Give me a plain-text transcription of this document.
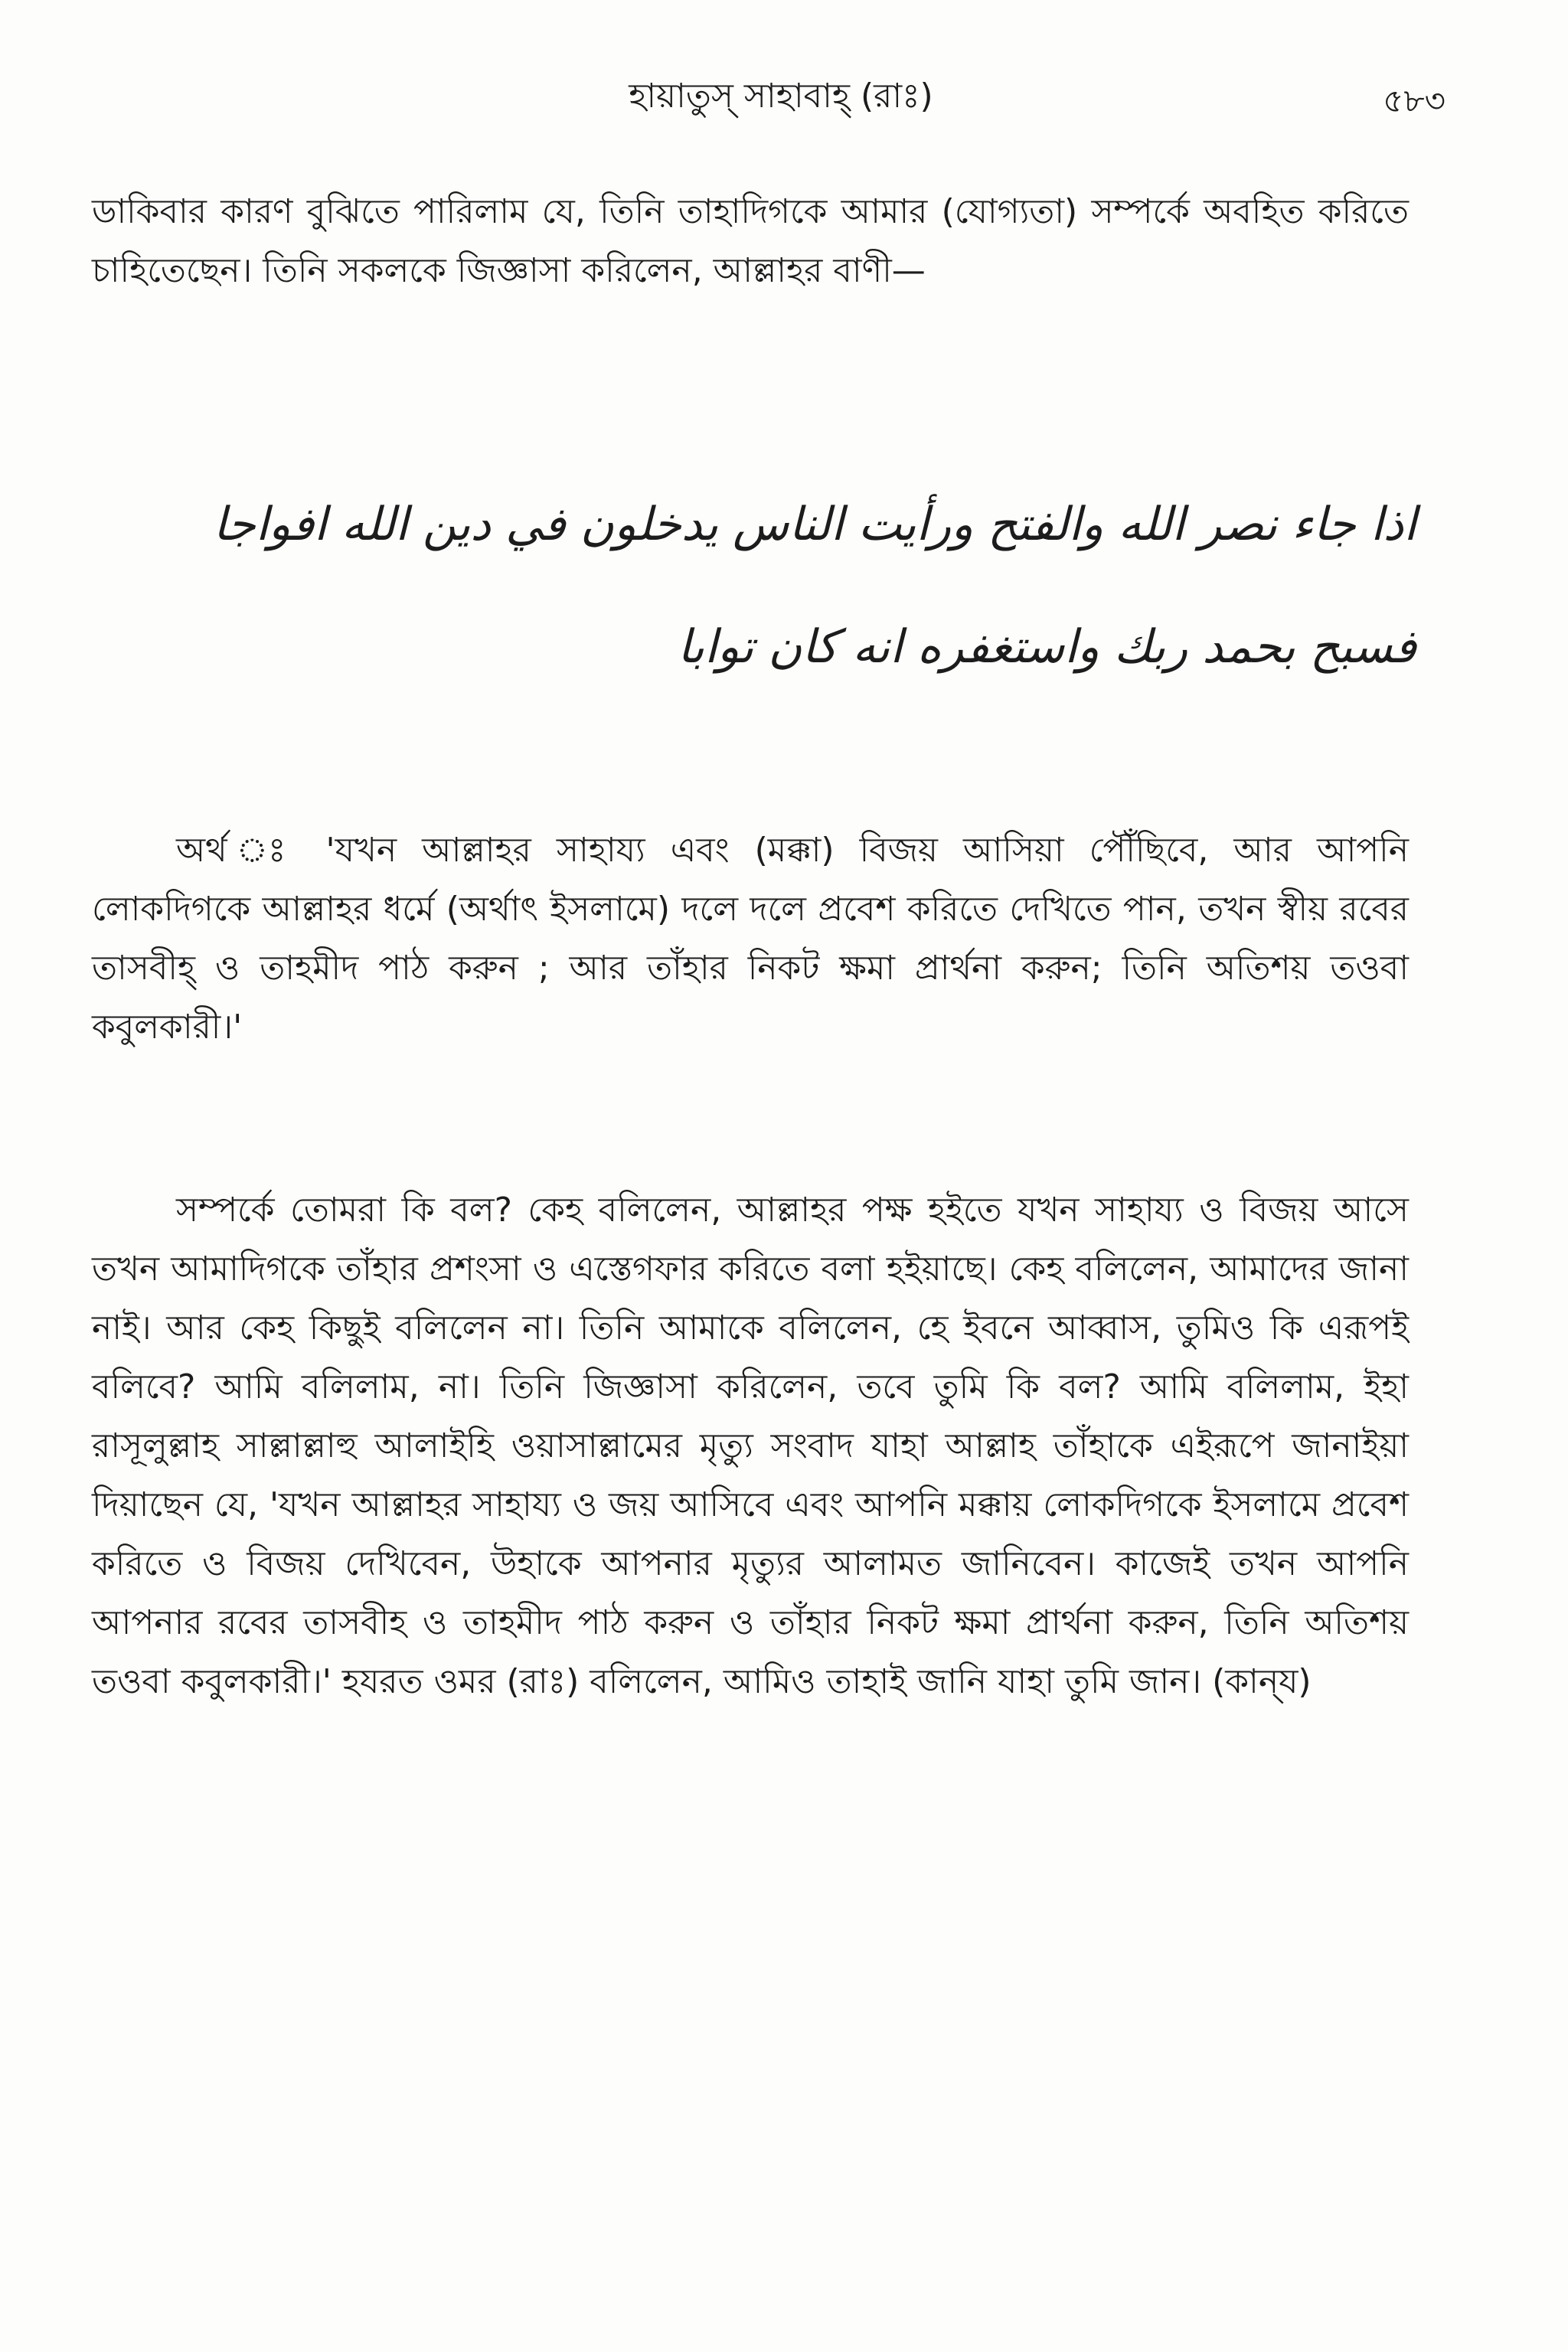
হায়াতুস্ সাহাবাহ্ (রাঃ)	৫৮৩

ডাকিবার কারণ বুঝিতে পারিলাম যে, তিনি তাহাদিগকে আমার (যোগ্যতা) সম্পর্কে অবহিত করিতে চাহিতেছেন। তিনি সকলকে জিজ্ঞাসা করিলেন, আল্লাহর বাণী—

اذا جاء نصر الله والفتح ورأيت الناس يدخلون في دين الله افواجا
فسبح بحمد ربك واستغفره انه كان توابا

অর্থ ঃ 'যখন আল্লাহর সাহায্য এবং (মক্কা) বিজয় আসিয়া পৌঁছিবে, আর আপনি লোকদিগকে আল্লাহর ধর্মে (অর্থাৎ ইসলামে) দলে দলে প্রবেশ করিতে দেখিতে পান, তখন স্বীয় রবের তাসবীহ্ ও তাহমীদ পাঠ করুন ; আর তাঁহার নিকট ক্ষমা প্রার্থনা করুন; তিনি অতিশয় তওবা কবুলকারী।'

সম্পর্কে তোমরা কি বল? কেহ বলিলেন, আল্লাহর পক্ষ হইতে যখন সাহায্য ও বিজয় আসে তখন আমাদিগকে তাঁহার প্রশংসা ও এস্তেগফার করিতে বলা হইয়াছে। কেহ বলিলেন, আমাদের জানা নাই। আর কেহ কিছুই বলিলেন না। তিনি আমাকে বলিলেন, হে ইবনে আব্বাস, তুমিও কি এরূপই বলিবে? আমি বলিলাম, না। তিনি জিজ্ঞাসা করিলেন, তবে তুমি কি বল? আমি বলিলাম, ইহা রাসূলুল্লাহ সাল্লাল্লাহু আলাইহি ওয়াসাল্লামের মৃত্যু সংবাদ যাহা আল্লাহ তাঁহাকে এইরূপে জানাইয়া দিয়াছেন যে, 'যখন আল্লাহর সাহায্য ও জয় আসিবে এবং আপনি মক্কায় লোকদিগকে ইসলামে প্রবেশ করিতে ও বিজয় দেখিবেন, উহাকে আপনার মৃত্যুর আলামত জানিবেন। কাজেই তখন আপনি আপনার রবের তাসবীহ ও তাহমীদ পাঠ করুন ও তাঁহার নিকট ক্ষমা প্রার্থনা করুন, তিনি অতিশয় তওবা কবুলকারী।' হযরত ওমর (রাঃ) বলিলেন, আমিও তাহাই জানি যাহা তুমি জান। (কান্‌য)
